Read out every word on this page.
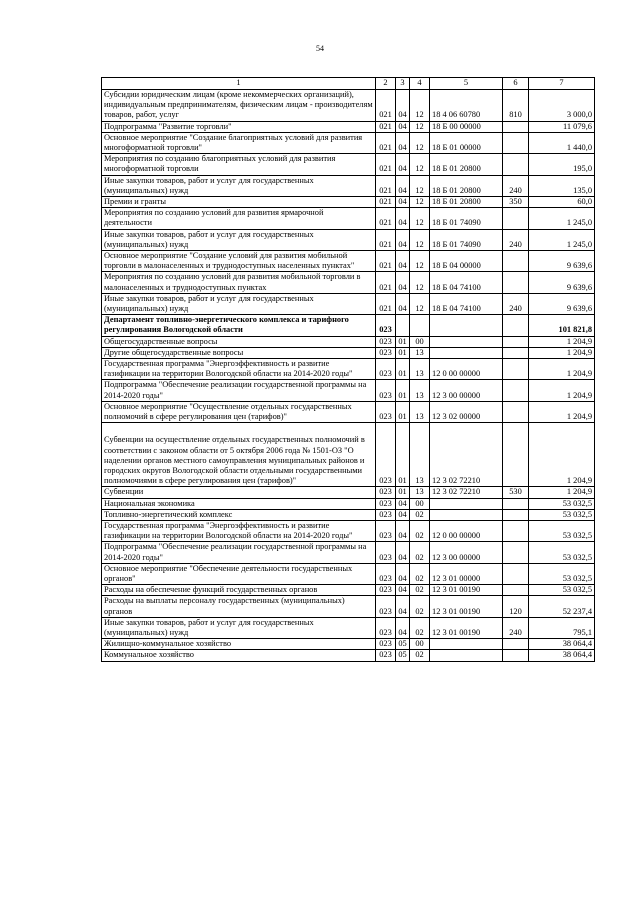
54
1	2	3	4	5	6	7
Субсидии юридическим лицам (кроме некоммерческих организаций), индивидуальным предпринимателям, физическим лицам - производителям товаров, работ, услуг	021	04	12	18 4 06 60780	810	3 000,0
Подпрограмма "Развитие торговли"	021	04	12	18 Б 00 00000		11 079,6
Основное мероприятие "Создание благоприятных условий для развития многоформатной торговли"	021	04	12	18 Б 01 00000		1 440,0
Мероприятия по созданию благоприятных условий для развития многоформатной торговли	021	04	12	18 Б 01 20800		195,0
Иные закупки товаров, работ и услуг для государственных (муниципальных) нужд	021	04	12	18 Б 01 20800	240	135,0
Премии и гранты	021	04	12	18 Б 01 20800	350	60,0
Мероприятия по созданию условий для развития ярмарочной деятельности	021	04	12	18 Б 01 74090		1 245,0
Иные закупки товаров, работ и услуг для государственных (муниципальных) нужд	021	04	12	18 Б 01 74090	240	1 245,0
Основное мероприятие "Создание условий для развития мобильной торговли в малонаселенных и труднодоступных населенных пунктах"	021	04	12	18 Б 04 00000		9 639,6
Мероприятия по созданию условий для развития мобильной торговли в малонаселенных и труднодоступных пунктах	021	04	12	18 Б 04 74100		9 639,6
Иные закупки товаров, работ и услуг для государственных (муниципальных) нужд	021	04	12	18 Б 04 74100	240	9 639,6
Департамент топливно-энергетического комплекса и тарифного регулирования Вологодской области	023					101 821,8
Общегосударственные вопросы	023	01	00			1 204,9
Другие общегосударственные вопросы	023	01	13			1 204,9
Государственная программа "Энергоэффективность и развитие газификации на территории Вологодской области на 2014-2020 годы"	023	01	13	12 0 00 00000		1 204,9
Подпрограмма "Обеспечение реализации государственной программы на 2014-2020 годы"	023	01	13	12 3 00 00000		1 204,9
Основное мероприятие "Осуществление отдельных государственных полномочий в сфере регулирования цен (тарифов)"	023	01	13	12 3 02 00000		1 204,9
Субвенции на осуществление отдельных государственных полномочий в соответствии с законом области от 5 октября 2006 года № 1501-ОЗ "О наделении органов местного самоуправления муниципальных районов и городских округов Вологодской области отдельными государственными полномочиями в сфере регулирования цен (тарифов)"	023	01	13	12 3 02 72210		1 204,9
Субвенции	023	01	13	12 3 02 72210	530	1 204,9
Национальная экономика	023	04	00			53 032,5
Топливно-энергетический комплекс	023	04	02			53 032,5
Государственная программа "Энергоэффективность и развитие газификации на территории Вологодской области на 2014-2020 годы"	023	04	02	12 0 00 00000		53 032,5
Подпрограмма "Обеспечение реализации государственной программы на 2014-2020 годы"	023	04	02	12 3 00 00000		53 032,5
Основное мероприятие "Обеспечение деятельности государственных органов"	023	04	02	12 3 01 00000		53 032,5
Расходы на обеспечение функций государственных органов	023	04	02	12 3 01 00190		53 032,5
Расходы на выплаты персоналу государственных (муниципальных) органов	023	04	02	12 3 01 00190	120	52 237,4
Иные закупки товаров, работ и услуг для государственных (муниципальных) нужд	023	04	02	12 3 01 00190	240	795,1
Жилищно-коммунальное хозяйство	023	05	00			38 064,4
Коммунальное хозяйство	023	05	02			38 064,4
